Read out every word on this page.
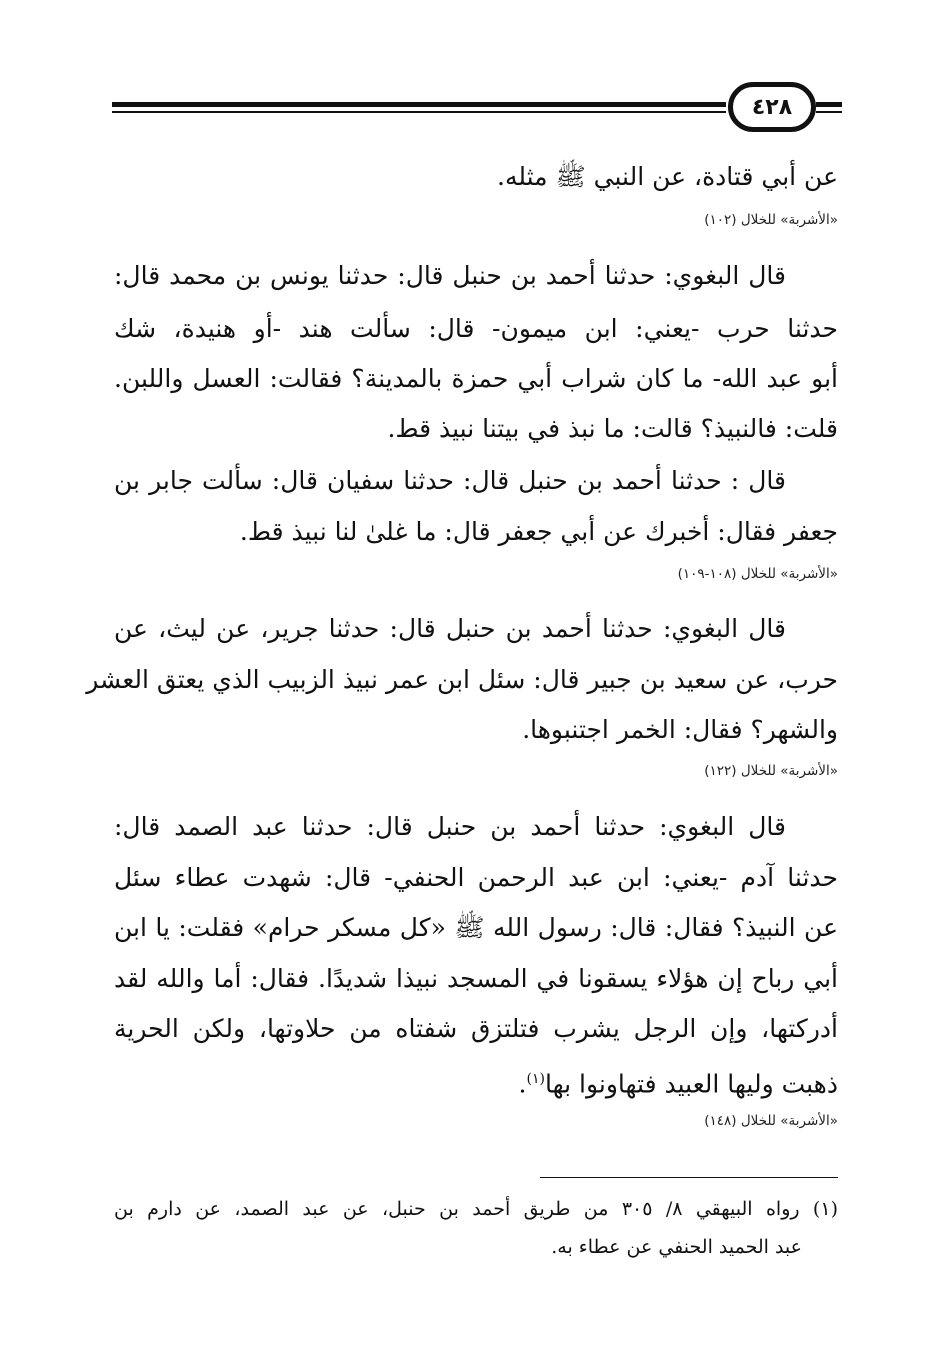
٤٢٨
عن أبي قتادة، عن النبي ﷺ مثله.
«الأشربة» للخلال (١٠٢)
قال البغوي: حدثنا أحمد بن حنبل قال: حدثنا يونس بن محمد قال:
حدثنا حرب -يعني: ابن ميمون- قال: سألت هند -أو هنيدة، شك
أبو عبد الله- ما كان شراب أبي حمزة بالمدينة؟ فقالت: العسل واللبن.
قلت: فالنبيذ؟ قالت: ما نبذ في بيتنا نبيذ قط.
قال : حدثنا أحمد بن حنبل قال: حدثنا سفيان قال: سألت جابر بن
جعفر فقال: أخبرك عن أبي جعفر قال: ما غلىٰ لنا نبيذ قط.
«الأشربة» للخلال (١٠٨-١٠٩)
قال البغوي: حدثنا أحمد بن حنبل قال: حدثنا جرير، عن ليث، عن
حرب، عن سعيد بن جبير قال: سئل ابن عمر نبيذ الزبيب الذي يعتق العشر
والشهر؟ فقال: الخمر اجتنبوها.
«الأشربة» للخلال (١٢٢)
قال البغوي: حدثنا أحمد بن حنبل قال: حدثنا عبد الصمد قال:
حدثنا آدم -يعني: ابن عبد الرحمن الحنفي- قال: شهدت عطاء سئل
عن النبيذ؟ فقال: قال: رسول الله ﷺ «كل مسكر حرام» فقلت: يا ابن
أبي رباح إن هؤلاء يسقونا في المسجد نبيذا شديدًا. فقال: أما والله لقد
أدركتها، وإن الرجل يشرب فتلتزق شفتاه من حلاوتها، ولكن الحرية
ذهبت وليها العبيد فتهاونوا بها$^{(١)}$.
«الأشربة» للخلال (١٤٨)
(١) رواه البيهقي ٨/ ٣٠٥ من طريق أحمد بن حنبل، عن عبد الصمد، عن دارم بن
عبد الحميد الحنفي عن عطاء به.
